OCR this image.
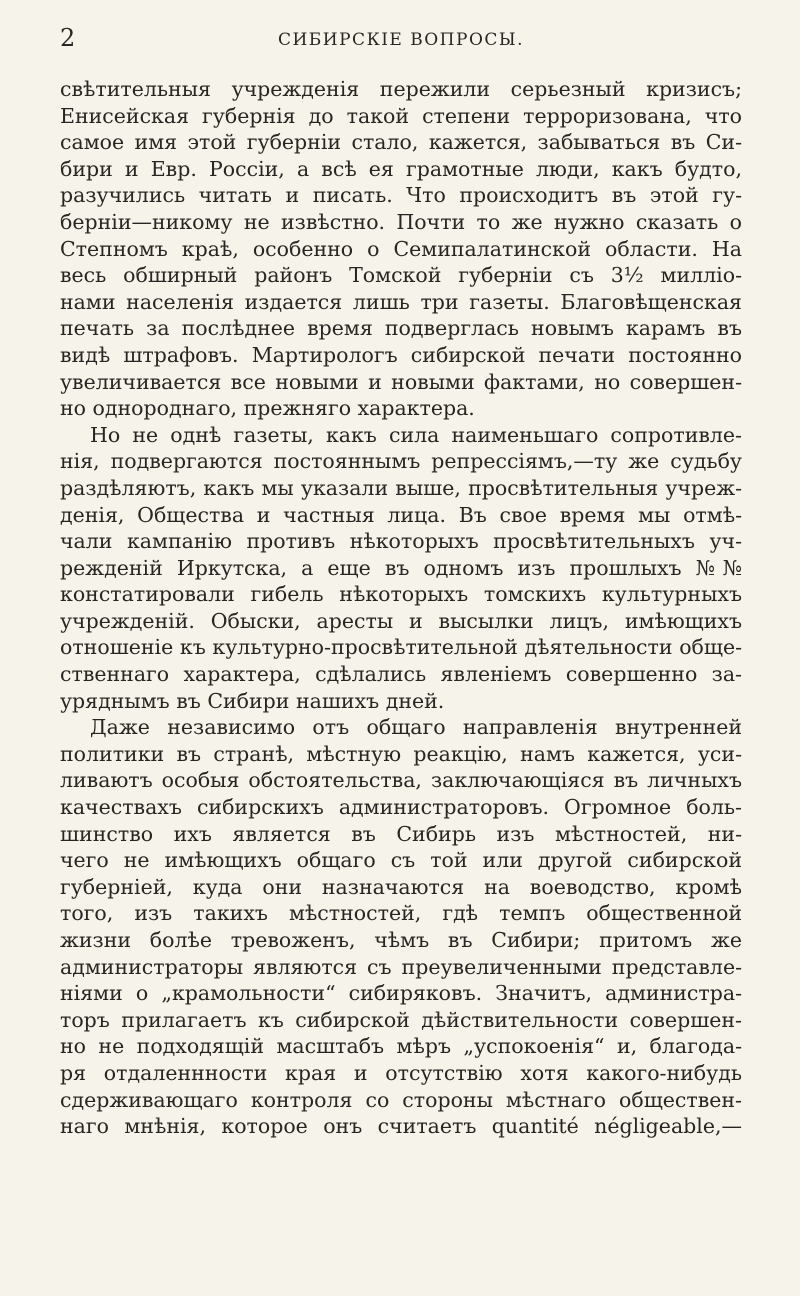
2	СИБИРСКІЕ ВОПРОСЫ.
свѣтительныя учрежденія пережили серьезный кризисъ;
Енисейская губернія до такой степени терроризована, что
самое имя этой губерніи стало, кажется, забываться въ Си-
бири и Евр. Россіи, а всѣ ея грамотные люди, какъ будто,
разучились читать и писать. Что происходитъ въ этой гу-
берніи—никому не извѣстно. Почти то же нужно сказать о
Степномъ краѣ, особенно о Семипалатинской области. На
весь обширный районъ Томской губерніи съ 3½ милліо-
нами населенія издается лишь три газеты. Благовѣщенская
печать за послѣднее время подверглась новымъ карамъ въ
видѣ штрафовъ. Мартирологъ сибирской печати постоянно
увеличивается все новыми и новыми фактами, но совершен-
но однороднаго, прежняго характера.
Но не однѣ газеты, какъ сила наименьшаго сопротивле-
нія, подвергаются постояннымъ репрессіямъ,—ту же судьбу
раздѣляютъ, какъ мы указали выше, просвѣтительныя учреж-
денія, Общества и частныя лица. Въ свое время мы отмѣ-
чали кампанію противъ нѣкоторыхъ просвѣтительныхъ уч-
режденій Иркутска, а еще въ одномъ изъ прошлыхъ №№
констатировали гибель нѣкоторыхъ томскихъ культурныхъ
учрежденій. Обыски, аресты и высылки лицъ, имѣющихъ
отношеніе къ культурно-просвѣтительной дѣятельности обще-
ственнаго характера, сдѣлались явленіемъ совершенно за-
уряднымъ въ Сибири нашихъ дней.
Даже независимо отъ общаго направленія внутренней
политики въ странѣ, мѣстную реакцію, намъ кажется, уси-
ливаютъ особыя обстоятельства, заключающіяся въ личныхъ
качествахъ сибирскихъ администраторовъ. Огромное боль-
шинство ихъ является въ Сибирь изъ мѣстностей, ни-
чего не имѣющихъ общаго съ той или другой сибирской
губерніей, куда они назначаются на воеводство, кромѣ
того, изъ такихъ мѣстностей, гдѣ темпъ общественной
жизни болѣе тревоженъ, чѣмъ въ Сибири; притомъ же
администраторы являются съ преувеличенными представле-
ніями о „крамольности“ сибиряковъ. Значитъ, администра-
торъ прилагаетъ къ сибирской дѣйствительности совершен-
но не подходящій масштабъ мѣръ „успокоенія“ и, благода-
ря отдаленнности края и отсутствію хотя какого-нибудь
сдерживающаго контроля со стороны мѣстнаго обществен-
наго мнѣнія, которое онъ считаетъ quantité négligeable,—
